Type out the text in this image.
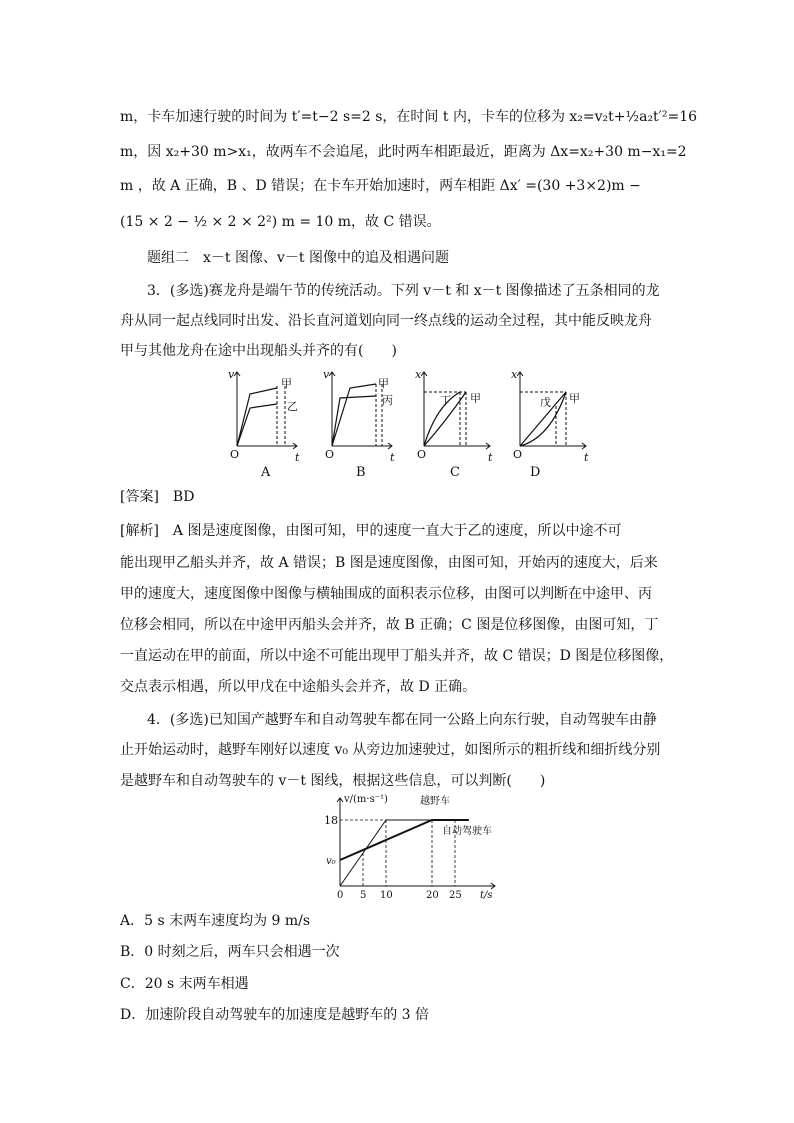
m，卡车加速行驶的时间为 t′=t−2 s=2 s，在时间 t 内，卡车的位移为 x₂=v₂t+½a₂t′²=16
m，因 x₂+30 m>x₁，故两车不会追尾，此时两车相距最近，距离为 Δx=x₂+30 m−x₁=2
m ，故 A 正确，B 、D 错误；在卡车开始加速时，两车相距 Δx′ =(30 +3×2)m −
(15 × 2 − ½ × 2 × 2²) m = 10 m，故 C 错误。
题组二　x－t 图像、v－t 图像中的追及相遇问题
3．(多选)赛龙舟是端午节的传统活动。下列 v－t 和 x－t 图像描述了五条相同的龙
舟从同一起点线同时出发、沿长直河道划向同一终点线的运动全过程，其中能反映龙舟
甲与其他龙舟在途中出现船头并齐的有(　　)
v
t
O
甲
乙
A
v
t
O
甲
丙
B
x
t
O
甲
丁
C
x
t
O
甲
戊
D
[答案]　BD
[解析]　A 图是速度图像，由图可知，甲的速度一直大于乙的速度，所以中途不可
能出现甲乙船头并齐，故 A 错误；B 图是速度图像，由图可知，开始丙的速度大，后来
甲的速度大，速度图像中图像与横轴围成的面积表示位移，由图可以判断在中途甲、丙
位移会相同，所以在中途甲丙船头会并齐，故 B 正确；C 图是位移图像，由图可知，丁
一直运动在甲的前面，所以中途不可能出现甲丁船头并齐，故 C 错误；D 图是位移图像，
交点表示相遇，所以甲戊在中途船头会并齐，故 D 正确。
4．(多选)已知国产越野车和自动驾驶车都在同一公路上向东行驶，自动驾驶车由静
止开始运动时，越野车刚好以速度 v₀ 从旁边加速驶过，如图所示的粗折线和细折线分别
是越野车和自动驾驶车的 v－t 图线，根据这些信息，可以判断(　　)
v/(m·s⁻¹)
t/s
18
v₀
0 5 10	20 25
越野车
自动驾驶车
A．5 s 末两车速度均为 9 m/s
B．0 时刻之后，两车只会相遇一次
C．20 s 末两车相遇
D．加速阶段自动驾驶车的加速度是越野车的 3 倍
